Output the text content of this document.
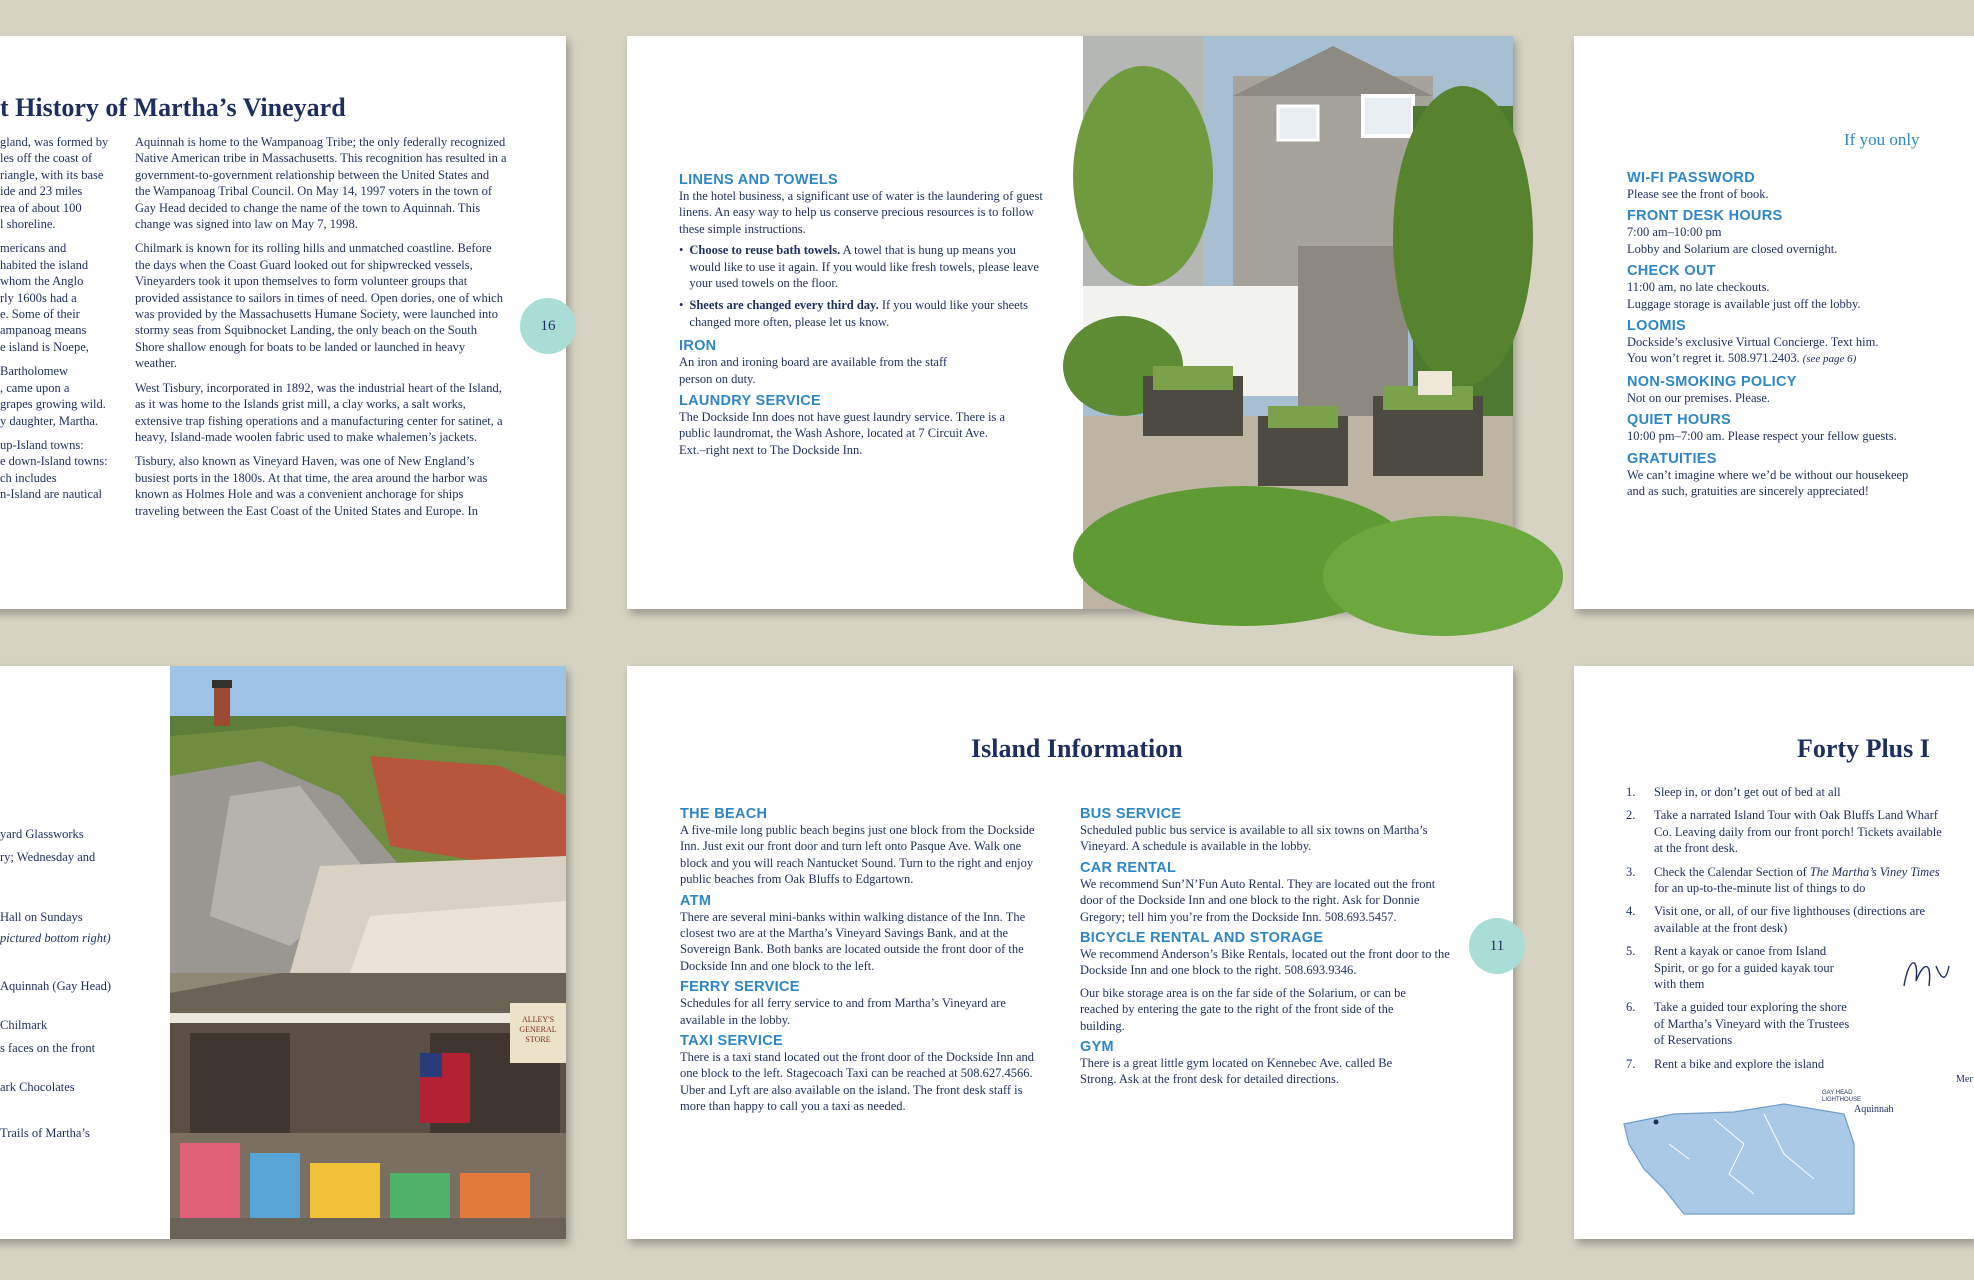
t History of Martha’s Vineyard
gland, was formed by
les off the coast of
riangle, with its base
ide and 23 miles
rea of about 100
l shoreline.
mericans and
habited the island
whom the Anglo
rly 1600s had a
e. Some of their
ampanoag means
e island is Noepe,
Bartholomew
, came upon a
grapes growing wild.
y daughter, Martha.
up-Island towns:
e down-Island towns:
ch includes
n-Island are nautical

Aquinnah is home to the Wampanoag Tribe; the only federally recognized Native American tribe in Massachusetts. This recognition has resulted in a government-to-government relationship between the United States and the Wampanoag Tribal Council. On May 14, 1997 voters in the town of Gay Head decided to change the name of the town to Aquinnah. This change was signed into law on May 7, 1998.

Chilmark is known for its rolling hills and unmatched coastline. Before the days when the Coast Guard looked out for shipwrecked vessels, Vineyarders took it upon themselves to form volunteer groups that provided assistance to sailors in times of need. Open dories, one of which was provided by the Massachusetts Humane Society, were launched into stormy seas from Squibnocket Landing, the only beach on the South Shore shallow enough for boats to be landed or launched in heavy weather.

West Tisbury, incorporated in 1892, was the industrial heart of the Island, as it was home to the Islands grist mill, a clay works, a salt works, extensive trap fishing operations and a manufacturing center for satinet, a heavy, Island-made woolen fabric used to make whalemen’s jackets.

Tisbury, also known as Vineyard Haven, was one of New England’s busiest ports in the 1800s. At that time, the area around the harbor was known as Holmes Hole and was a convenient anchorage for ships traveling between the East Coast of the United States and Europe. In

16

LINENS AND TOWELS

In the hotel business, a significant use of water is the laundering of guest linens. An easy way to help us conserve precious resources is to follow these simple instructions.

• Choose to reuse bath towels. A towel that is hung up means you would like to use it again. If you would like fresh towels, please leave your used towels on the floor.
• Sheets are changed every third day. If you would like your sheets changed more often, please let us know.

IRON

An iron and ironing board are available from the staff person on duty.

LAUNDRY SERVICE

The Dockside Inn does not have guest laundry service. There is a public laundromat, the Wash Ashore, located at 7 Circuit Ave. Ext.–right next to The Dockside Inn.

If you only

WI-FI PASSWORD

Please see the front of book.

FRONT DESK HOURS

7:00 am–10:00 pm
Lobby and Solarium are closed overnight.

CHECK OUT

11:00 am, no late checkouts.
Luggage storage is available just off the lobby.

LOOMIS

Dockside’s exclusive Virtual Concierge. Text him.
You won’t regret it. 508.971.2403. (see page 6)

NON-SMOKING POLICY

Not on our premises. Please.

QUIET HOURS

10:00 pm–7:00 am. Please respect your fellow guests.

GRATUITIES

We can’t imagine where we’d be without our housekeep
and as such, gratuities are sincerely appreciated!

yard Glassworks

ry; Wednesday and

Hall on Sundays

pictured bottom right)

Aquinnah (Gay Head)

Chilmark

s faces on the front

ark Chocolates

Trails of Martha’s

ALLEY'S GENERAL STORE

Island Information

THE BEACH

A five-mile long public beach begins just one block from the Dockside Inn. Just exit our front door and turn left onto Pasque Ave. Walk one block and you will reach Nantucket Sound. Turn to the right and enjoy public beaches from Oak Bluffs to Edgartown.

ATM

There are several mini-banks within walking distance of the Inn. The closest two are at the Martha’s Vineyard Savings Bank, and at the Sovereign Bank. Both banks are located outside the front door of the Dockside Inn and one block to the left.

FERRY SERVICE

Schedules for all ferry service to and from Martha’s Vineyard are available in the lobby.

TAXI SERVICE

There is a taxi stand located out the front door of the Dockside Inn and one block to the left. Stagecoach Taxi can be reached at 508.627.4566. Uber and Lyft are also available on the island. The front desk staff is more than happy to call you a taxi as needed.

BUS SERVICE

Scheduled public bus service is available to all six towns on Martha’s Vineyard. A schedule is available in the lobby.

CAR RENTAL

We recommend Sun’N’Fun Auto Rental. They are located out the front door of the Dockside Inn and one block to the right. Ask for Donnie Gregory; tell him you’re from the Dockside Inn. 508.693.5457.

BICYCLE RENTAL AND STORAGE

We recommend Anderson’s Bike Rentals, located out the front door to the Dockside Inn and one block to the right. 508.693.9346.

Our bike storage area is on the far side of the Solarium, or can be reached by entering the gate to the right of the front side of the building.

GYM

There is a great little gym located on Kennebec Ave. called Be Strong. Ask at the front desk for detailed directions.

11
Forty Plus I
1.	Sleep in, or don’t get out of bed at all
2.	Take a narrated Island Tour with Oak Bluffs Land Wharf Co. Leaving daily from our front porch! Tickets available at the front desk.
3.	Check the Calendar Section of The Martha’s Viney Times for an up-to-the-minute list of things to do
4.	Visit one, or all, of our five lighthouses (directions are available at the front desk)
5.	Rent a kayak or canoe from Island Spirit, or go for a guided kayak tour with them
6.	Take a guided tour exploring the shore of Martha’s Vineyard with the Trustees of Reservations
7.	Rent a bike and explore the island
GAY HEAD LIGHTHOUSE

Aquinnah

Mer
